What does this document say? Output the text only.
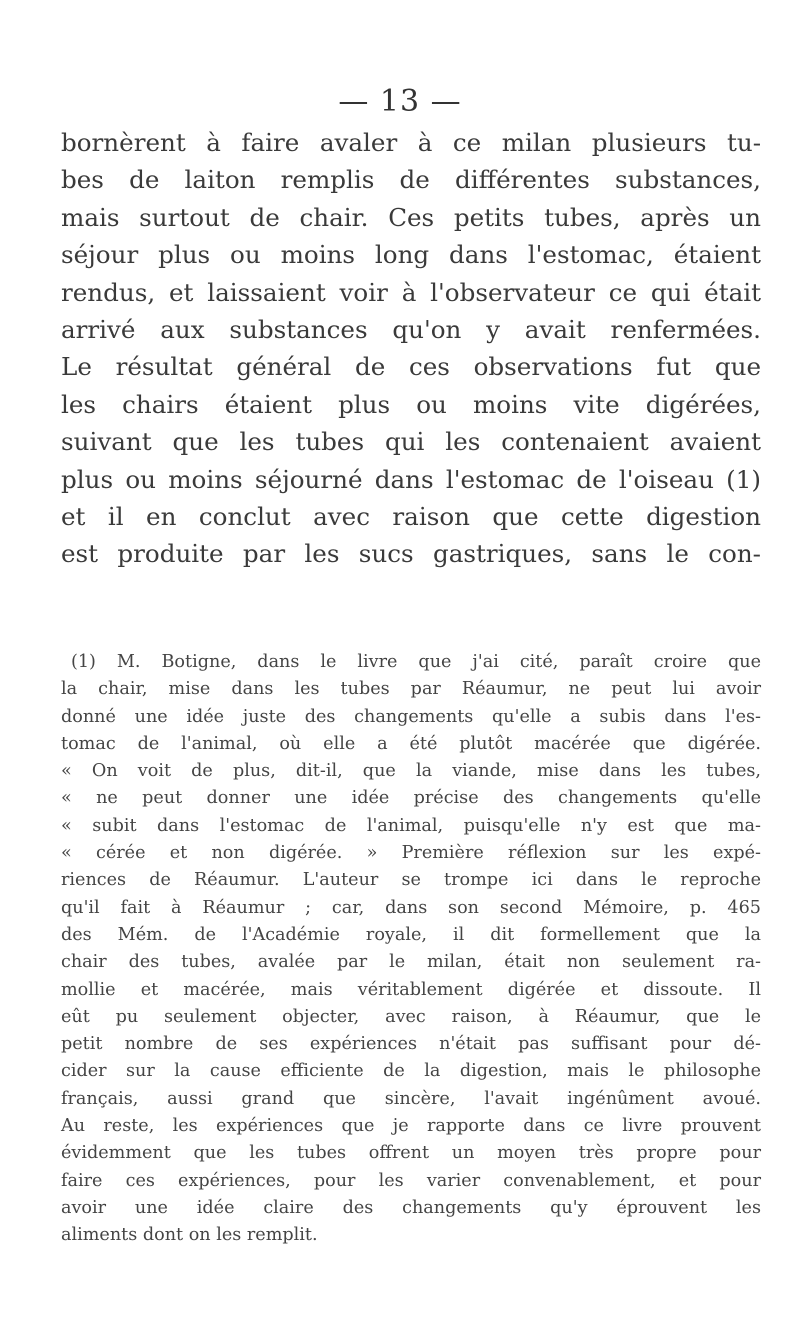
— 13 —
bornèrent à faire avaler à ce milan plusieurs tu-
bes de laiton remplis de différentes substances,
mais surtout de chair. Ces petits tubes, après un
séjour plus ou moins long dans l'estomac, étaient
rendus, et laissaient voir à l'observateur ce qui était
arrivé aux substances qu'on y avait renfermées.
Le résultat général de ces observations fut que
les chairs étaient plus ou moins vite digérées,
suivant que les tubes qui les contenaient avaient
plus ou moins séjourné dans l'estomac de l'oiseau (1)
et il en conclut avec raison que cette digestion
est produite par les sucs gastriques, sans le con-
(1) M. Botigne, dans le livre que j'ai cité, paraît croire que
la chair, mise dans les tubes par Réaumur, ne peut lui avoir
donné une idée juste des changements qu'elle a subis dans l'es-
tomac de l'animal, où elle a été plutôt macérée que digérée.
« On voit de plus, dit-il, que la viande, mise dans les tubes,
« ne peut donner une idée précise des changements qu'elle
« subit dans l'estomac de l'animal, puisqu'elle n'y est que ma-
« cérée et non digérée. » Première réflexion sur les expé-
riences de Réaumur. L'auteur se trompe ici dans le reproche
qu'il fait à Réaumur ; car, dans son second Mémoire, p. 465
des Mém. de l'Académie royale, il dit formellement que la
chair des tubes, avalée par le milan, était non seulement ra-
mollie et macérée, mais véritablement digérée et dissoute. Il
eût pu seulement objecter, avec raison, à Réaumur, que le
petit nombre de ses expériences n'était pas suffisant pour dé-
cider sur la cause efficiente de la digestion, mais le philosophe
français, aussi grand que sincère, l'avait ingénûment avoué.
Au reste, les expériences que je rapporte dans ce livre prouvent
évidemment que les tubes offrent un moyen très propre pour
faire ces expériences, pour les varier convenablement, et pour
avoir une idée claire des changements qu'y éprouvent les
aliments dont on les remplit.
